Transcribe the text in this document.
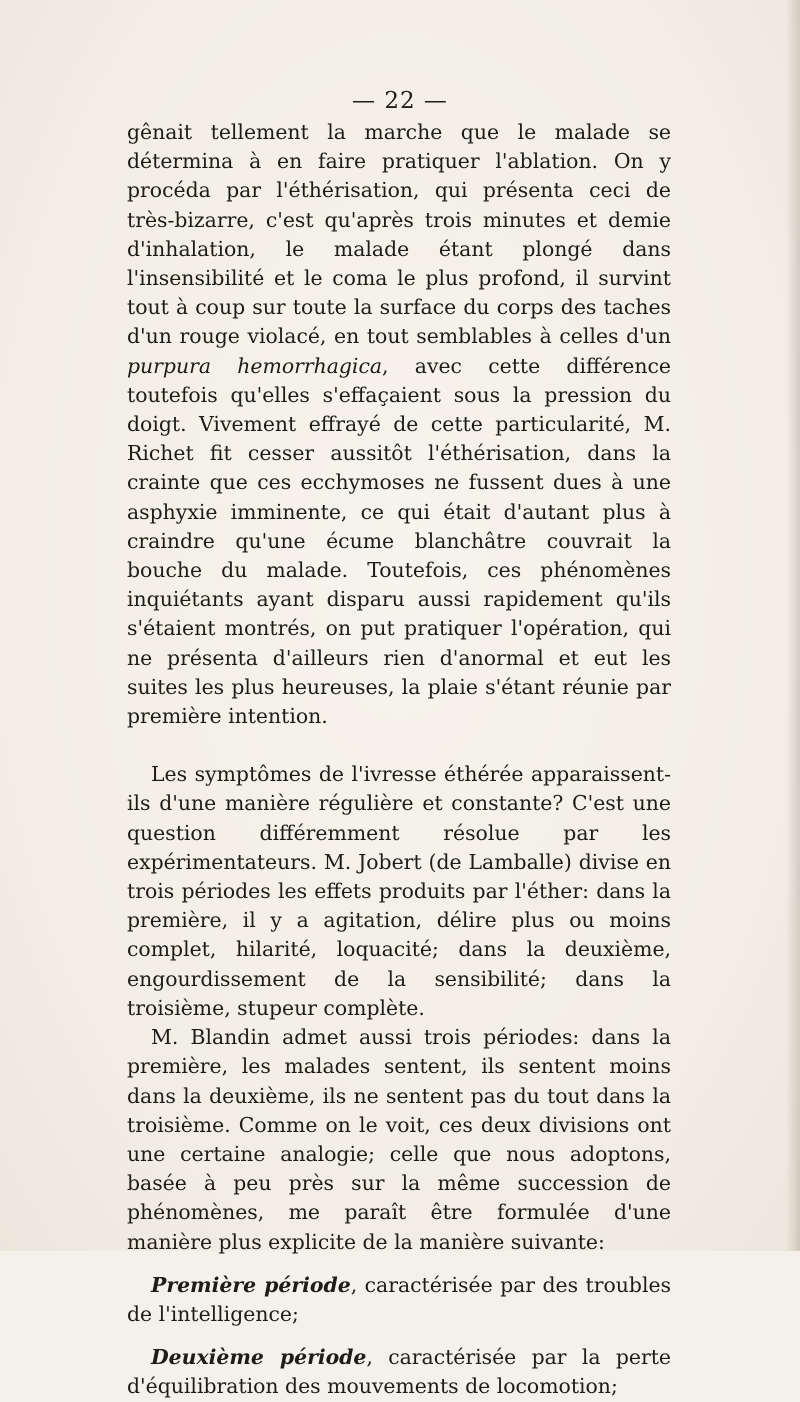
— 22 —

gênait tellement la marche que le malade se détermina à en faire pratiquer l'ablation. On y procéda par l'éthérisation, qui présenta ceci de très-bizarre, c'est qu'après trois minutes et demie d'inhalation, le malade étant plongé dans l'insensibilité et le coma le plus profond, il survint tout à coup sur toute la surface du corps des taches d'un rouge violacé, en tout semblables à celles d'un purpura hemorrhagica, avec cette différence toutefois qu'elles s'effaçaient sous la pression du doigt. Vivement effrayé de cette particularité, M. Richet fit cesser aussitôt l'éthérisation, dans la crainte que ces ecchymoses ne fussent dues à une asphyxie imminente, ce qui était d'autant plus à craindre qu'une écume blanchâtre couvrait la bouche du malade. Toutefois, ces phénomènes inquiétants ayant disparu aussi rapidement qu'ils s'étaient montrés, on put pratiquer l'opération, qui ne présenta d'ailleurs rien d'anormal et eut les suites les plus heureuses, la plaie s'étant réunie par première intention.

Les symptômes de l'ivresse éthérée apparaissent-ils d'une manière régulière et constante? C'est une question différemment résolue par les expérimentateurs. M. Jobert (de Lamballe) divise en trois périodes les effets produits par l'éther: dans la première, il y a agitation, délire plus ou moins complet, hilarité, loquacité; dans la deuxième, engourdissement de la sensibilité; dans la troisième, stupeur complète.

M. Blandin admet aussi trois périodes: dans la première, les malades sentent, ils sentent moins dans la deuxième, ils ne sentent pas du tout dans la troisième. Comme on le voit, ces deux divisions ont une certaine analogie; celle que nous adoptons, basée à peu près sur la même succession de phénomènes, me paraît être formulée d'une manière plus explicite de la manière suivante:

Première période, caractérisée par des troubles de l'intelligence;

Deuxième période, caractérisée par la perte d'équilibration des mouvements de locomotion;
